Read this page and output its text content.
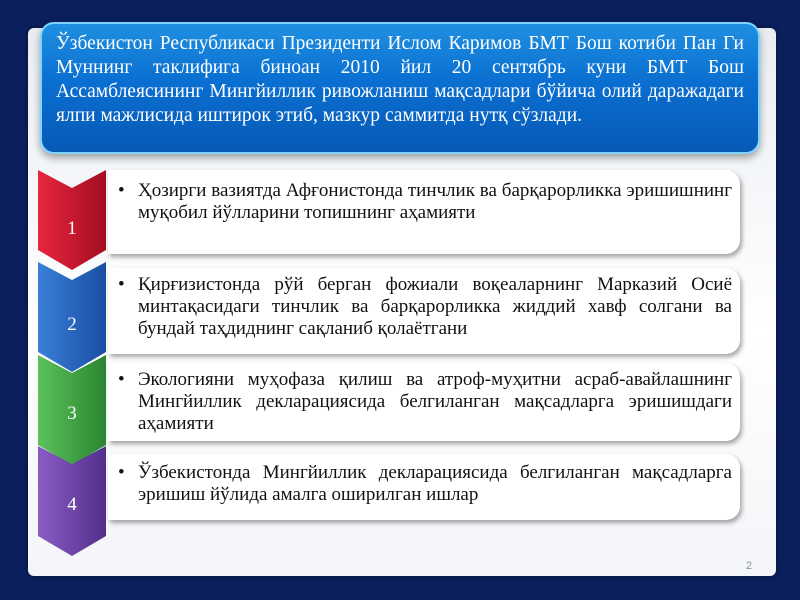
Ўзбекистон Республикаси Президенти Ислом Каримов БМТ Бош котиби Пан Ги Муннинг таклифига биноан 2010 йил 20 сентябрь куни БМТ Бош Ассамблеясининг Мингйиллик ривожланиш мақсадлари бўйича олий даражадаги ялпи мажлисида иштирок этиб, мазкур саммитда нутқ сўзлади.
1
• Ҳозирги вазиятда Афғонистонда тинчлик ва барқарорликка эришишнинг муқобил йўлларини топишнинг аҳамияти
2
• Қирғизистонда рўй берган фожиали воқеаларнинг Марказий Осиё минтақасидаги тинчлик ва барқарорликка жиддий хавф солгани ва бундай таҳдиднинг сақланиб қолаётгани
3
• Экологияни муҳофаза қилиш ва атроф-муҳитни асраб-авайлашнинг Мингйиллик декларациясида белгиланган мақсадларга эришишдаги аҳамияти
4
• Ўзбекистонда Мингйиллик декларациясида белгиланган мақсадларга эришиш йўлида амалга оширилган ишлар
2
